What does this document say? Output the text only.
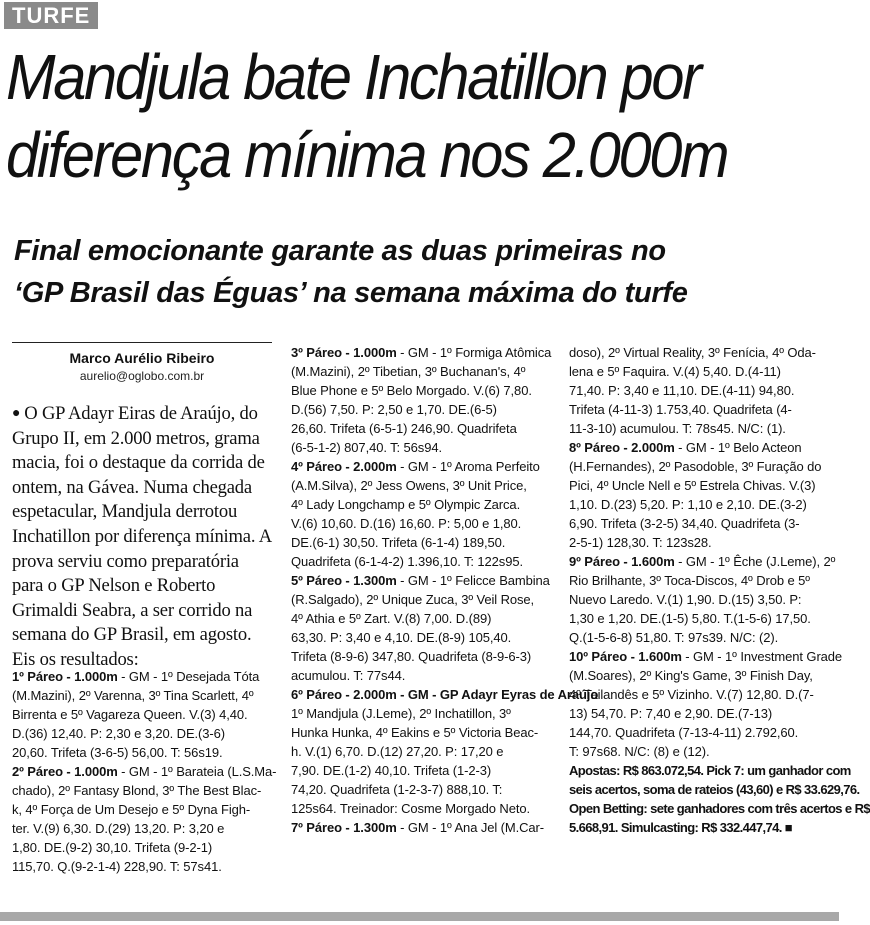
TURFE
Mandjula bate Inchatillon por
diferença mínima nos 2.000m
Final emocionante garante as duas primeiras no
‘GP Brasil das Éguas’ na semana máxima do turfe
Marco Aurélio Ribeiro
aurelio@oglobo.com.br

● O GP Adayr Eiras de Araújo, do Grupo II, em 2.000 metros, grama macia, foi o destaque da corrida de ontem, na Gávea. Numa chegada espetacular, Mandjula derrotou Inchatillon por diferença mínima. A prova serviu como preparatória para o GP Nelson e Roberto Grimaldi Seabra, a ser corrido na semana do GP Brasil, em agosto. Eis os resultados:

1º Páreo - 1.000m - GM - 1º Desejada Tóta
(M.Mazini), 2º Varenna, 3º Tina Scarlett, 4º
Birrenta e 5º Vagareza Queen. V.(3) 4,40.
D.(36) 12,40. P: 2,30 e 3,20. DE.(3-6)
20,60. Trifeta (3-6-5) 56,00. T: 56s19.
2º Páreo - 1.000m - GM - 1º Barateia (L.S.Ma-
chado), 2º Fantasy Blond, 3º The Best Blac-
k, 4º Força de Um Desejo e 5º Dyna Figh-
ter. V.(9) 6,30. D.(29) 13,20. P: 3,20 e
1,80. DE.(9-2) 30,10. Trifeta (9-2-1)
115,70. Q.(9-2-1-4) 228,90. T: 57s41.
3º Páreo - 1.000m - GM - 1º Formiga Atômica
(M.Mazini), 2º Tibetian, 3º Buchanan's, 4º
Blue Phone e 5º Belo Morgado. V.(6) 7,80.
D.(56) 7,50. P: 2,50 e 1,70. DE.(6-5)
26,60. Trifeta (6-5-1) 246,90. Quadrifeta
(6-5-1-2) 807,40. T: 56s94.
4º Páreo - 2.000m - GM - 1º Aroma Perfeito
(A.M.Silva), 2º Jess Owens, 3º Unit Price,
4º Lady Longchamp e 5º Olympic Zarca.
V.(6) 10,60. D.(16) 16,60. P: 5,00 e 1,80.
DE.(6-1) 30,50. Trifeta (6-1-4) 189,50.
Quadrifeta (6-1-4-2) 1.396,10. T: 122s95.
5º Páreo - 1.300m - GM - 1º Felicce Bambina
(R.Salgado), 2º Unique Zuca, 3º Veil Rose,
4º Athia e 5º Zart. V.(8) 7,00. D.(89)
63,30. P: 3,40 e 4,10. DE.(8-9) 105,40.
Trifeta (8-9-6) 347,80. Quadrifeta (8-9-6-3)
acumulou. T: 77s44.
6º Páreo - 2.000m - GM - GP Adayr Eyras de Araújo
1º Mandjula (J.Leme), 2º Inchatillon, 3º
Hunka Hunka, 4º Eakins e 5º Victoria Beac-
h. V.(1) 6,70. D.(12) 27,20. P: 17,20 e
7,90. DE.(1-2) 40,10. Trifeta (1-2-3)
74,20. Quadrifeta (1-2-3-7) 888,10. T:
125s64. Treinador: Cosme Morgado Neto.
7º Páreo - 1.300m - GM - 1º Ana Jel (M.Car-
doso), 2º Virtual Reality, 3º Fenícia, 4º Oda-
lena e 5º Faquira. V.(4) 5,40. D.(4-11)
71,40. P: 3,40 e 11,10. DE.(4-11) 94,80.
Trifeta (4-11-3) 1.753,40. Quadrifeta (4-
11-3-10) acumulou. T: 78s45. N/C: (1).
8º Páreo - 2.000m - GM - 1º Belo Acteon
(H.Fernandes), 2º Pasodoble, 3º Furação do
Pici, 4º Uncle Nell e 5º Estrela Chivas. V.(3)
1,10. D.(23) 5,20. P: 1,10 e 2,10. DE.(3-2)
6,90. Trifeta (3-2-5) 34,40. Quadrifeta (3-
2-5-1) 128,30. T: 123s28.
9º Páreo - 1.600m - GM - 1º Êche (J.Leme), 2º
Rio Brilhante, 3º Toca-Discos, 4º Drob e 5º
Nuevo Laredo. V.(1) 1,90. D.(15) 3,50. P:
1,30 e 1,20. DE.(1-5) 5,80. T.(1-5-6) 17,50.
Q.(1-5-6-8) 51,80. T: 97s39. N/C: (2).
10º Páreo - 1.600m - GM - 1º Investment Grade
(M.Soares), 2º King's Game, 3º Finish Day,
4º Tailandês e 5º Vizinho. V.(7) 12,80. D.(7-
13) 54,70. P: 7,40 e 2,90. DE.(7-13)
144,70. Quadrifeta (7-13-4-11) 2.792,60.
T: 97s68. N/C: (8) e (12).
Apostas: R$ 863.072,54. Pick 7: um ganhador com
seis acertos, soma de rateios (43,60) e R$ 33.629,76.
Open Betting: sete ganhadores com três acertos e R$
5.668,91. Simulcasting: R$ 332.447,74. ■
